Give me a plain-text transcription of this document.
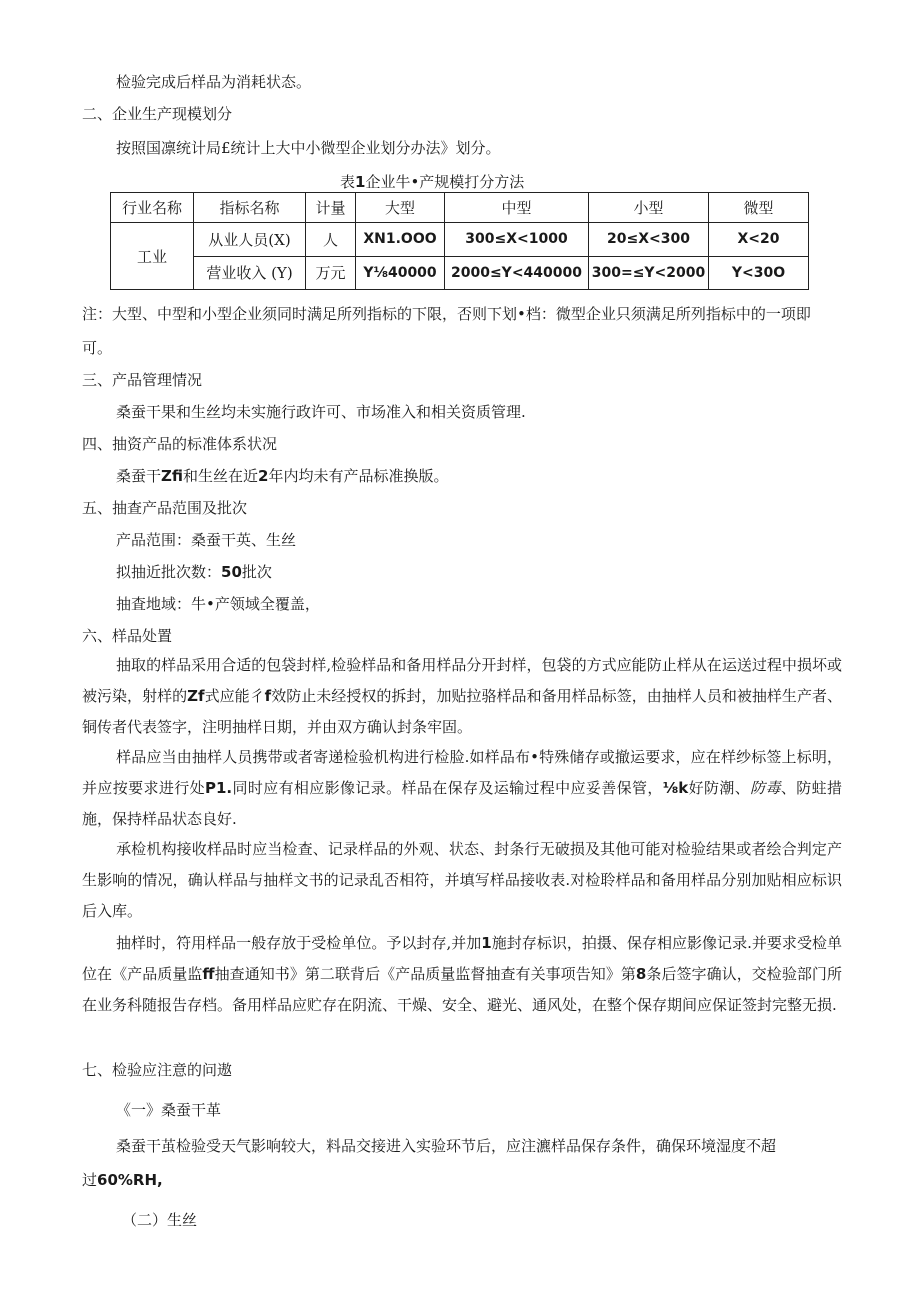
检验完成后样品为消耗状态。
二、企业生产现模划分
按照国凛统计局£统计上大中小微型企业划分办法》划分。
表1企业牛•产规模打分方法
行业名称	指标名称	计量	大型	中型	小型	微型
工业	从业人员(X)	人	XN1.OOO	300≤X<1000	20≤X<300	X<20
	营业收入 (Y)	万元	Y⅛40000	2000≤Y<440000	300=≤Y<2000	Y<30O
注：大型、中型和小型企业须同时满足所列指标的下限，否则下划•档：微型企业只须满足所列指标中的一项即
可。
三、产品管理情况
桑蚕干果和生丝均未实施行政许可、市场准入和相关资质管理.
四、抽资产品的标准体系状况
桑蚕干Zfi和生丝在近2年内均未有产品标准换版。
五、抽查产品范围及批次
产品范围：桑蚕干英、生丝
拟抽近批次数：50批次
抽査地域：牛•产领域全覆盖，
六、样品处置
抽取的样品采用合适的包袋封样,检验样品和备用样品分开封样，包袋的方式应能防止样从在运送过程中损坏或被污染，射样的Zf式应能彳f效防止未经授权的拆封，加贴拉骆样品和备用样品标签，由抽样人员和被抽样生产者、铜传者代表签字，注明抽样日期，并由双方确认封条牢固。
样品应当由抽样人员携带或者寄递检验机构进行检脸.如样品布•特殊储存或撤运要求，应在样纱标签上标明，并应按要求进行处P1.同时应有相应影像记录。样品在保存及运输过程中应妥善保管，⅛k好防潮、防毒、防蛀措施，保持样品状态良好.
承检机构接收样品时应当检查、记录样品的外观、状态、封条行无破损及其他可能对检验结果或者绘合判定产生影响的情况，确认样品与抽样文书的记录乱否相符，并填写样品接收表.对检聆样品和备用样品分别加贴相应标识后入库。
抽样时，符用样品一般存放于受检单位。予以封存,并加1施封存标识，拍摄、保存相应影像记录.并要求受检单位在《产品质量监ff抽查通知书》第二联背后《产品质量监督抽查有关事项告知》第8条后签字确认，交检验部门所在业务科随报告存档。备用样品应贮存在阴流、干燥、安全、避光、通风处，在整个保存期间应保证签封完整无损.
七、检验应注意的问遨
《一》桑蚕干革
桑蚕干茧检验受天气影响较大，料品交接进入实验环节后，应注瀌样品保存条件，确保环境湿度不超
过60%RH,
（二）生丝
